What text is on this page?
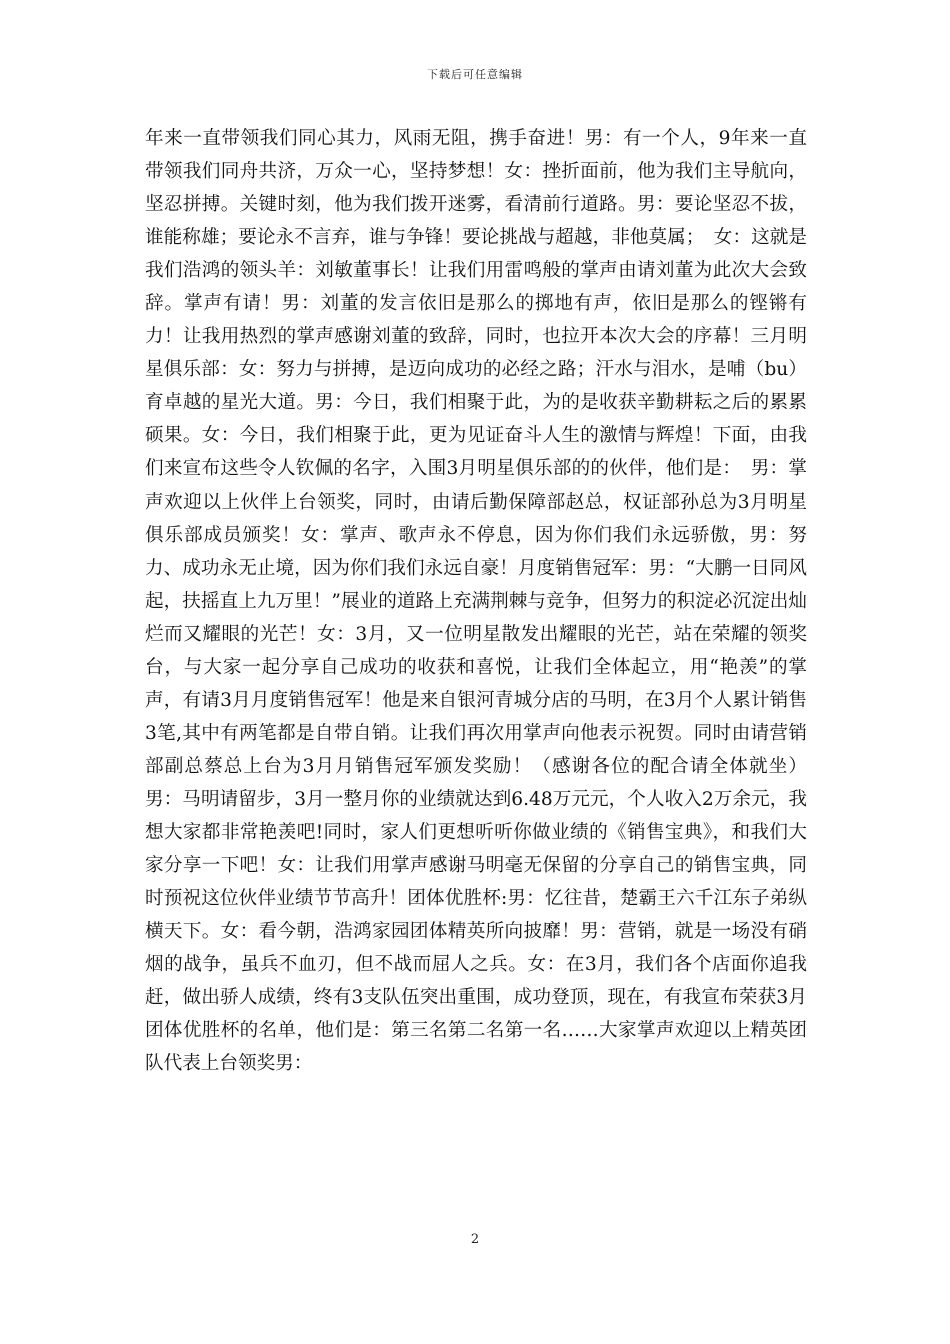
下载后可任意编辑

年来一直带领我们同心其力，风雨无阻，携手奋进！男：有一个人，9年来一直带领我们同舟共济，万众一心，坚持梦想！女：挫折面前，他为我们主导航向，坚忍拼搏。关键时刻，他为我们拨开迷雾，看清前行道路。男：要论坚忍不拔，谁能称雄；要论永不言弃，谁与争锋！要论挑战与超越，非他莫属；　女：这就是我们浩鸿的领头羊：刘敏董事长！让我们用雷鸣般的掌声由请刘董为此次大会致辞。掌声有请！男：刘董的发言依旧是那么的掷地有声，依旧是那么的铿锵有力！让我用热烈的掌声感谢刘董的致辞，同时，也拉开本次大会的序幕！三月明星俱乐部：女：努力与拼搏，是迈向成功的必经之路；汗水与泪水，是哺（bu）育卓越的星光大道。男：今日，我们相聚于此，为的是收获辛勤耕耘之后的累累硕果。女：今日，我们相聚于此，更为见证奋斗人生的激情与辉煌！下面，由我们来宣布这些令人钦佩的名字，入围3月明星俱乐部的的伙伴，他们是：　男：掌声欢迎以上伙伴上台领奖，同时，由请后勤保障部赵总，权证部孙总为3月明星俱乐部成员颁奖！女：掌声、歌声永不停息，因为你们我们永远骄傲，男：努力、成功永无止境，因为你们我们永远自豪！月度销售冠军：男：“大鹏一日同风起，扶摇直上九万里！”展业的道路上充满荆棘与竞争，但努力的积淀必沉淀出灿烂而又耀眼的光芒！女：3月，又一位明星散发出耀眼的光芒，站在荣耀的领奖台，与大家一起分享自己成功的收获和喜悦，让我们全体起立，用“艳羡”的掌声，有请3月月度销售冠军！他是来自银河青城分店的马明，在3月个人累计销售3笔,其中有两笔都是自带自销。让我们再次用掌声向他表示祝贺。同时由请营销部副总蔡总上台为3月月销售冠军颁发奖励！（感谢各位的配合请全体就坐）男：马明请留步，3月一整月你的业绩就达到6.48万元元，个人收入2万余元，我想大家都非常艳羡吧!同时，家人们更想听听你做业绩的《销售宝典》，和我们大家分享一下吧！女：让我们用掌声感谢马明毫无保留的分享自己的销售宝典，同时预祝这位伙伴业绩节节高升！团体优胜杯:男：忆往昔，楚霸王六千江东子弟纵横天下。女：看今朝，浩鸿家园团体精英所向披靡！男：营销，就是一场没有硝烟的战争，虽兵不血刃，但不战而屈人之兵。女：在3月，我们各个店面你追我赶，做出骄人成绩，终有3支队伍突出重围，成功登顶，现在，有我宣布荣获3月团体优胜杯的名单，他们是：第三名第二名第一名……大家掌声欢迎以上精英团队代表上台领奖男：

2
